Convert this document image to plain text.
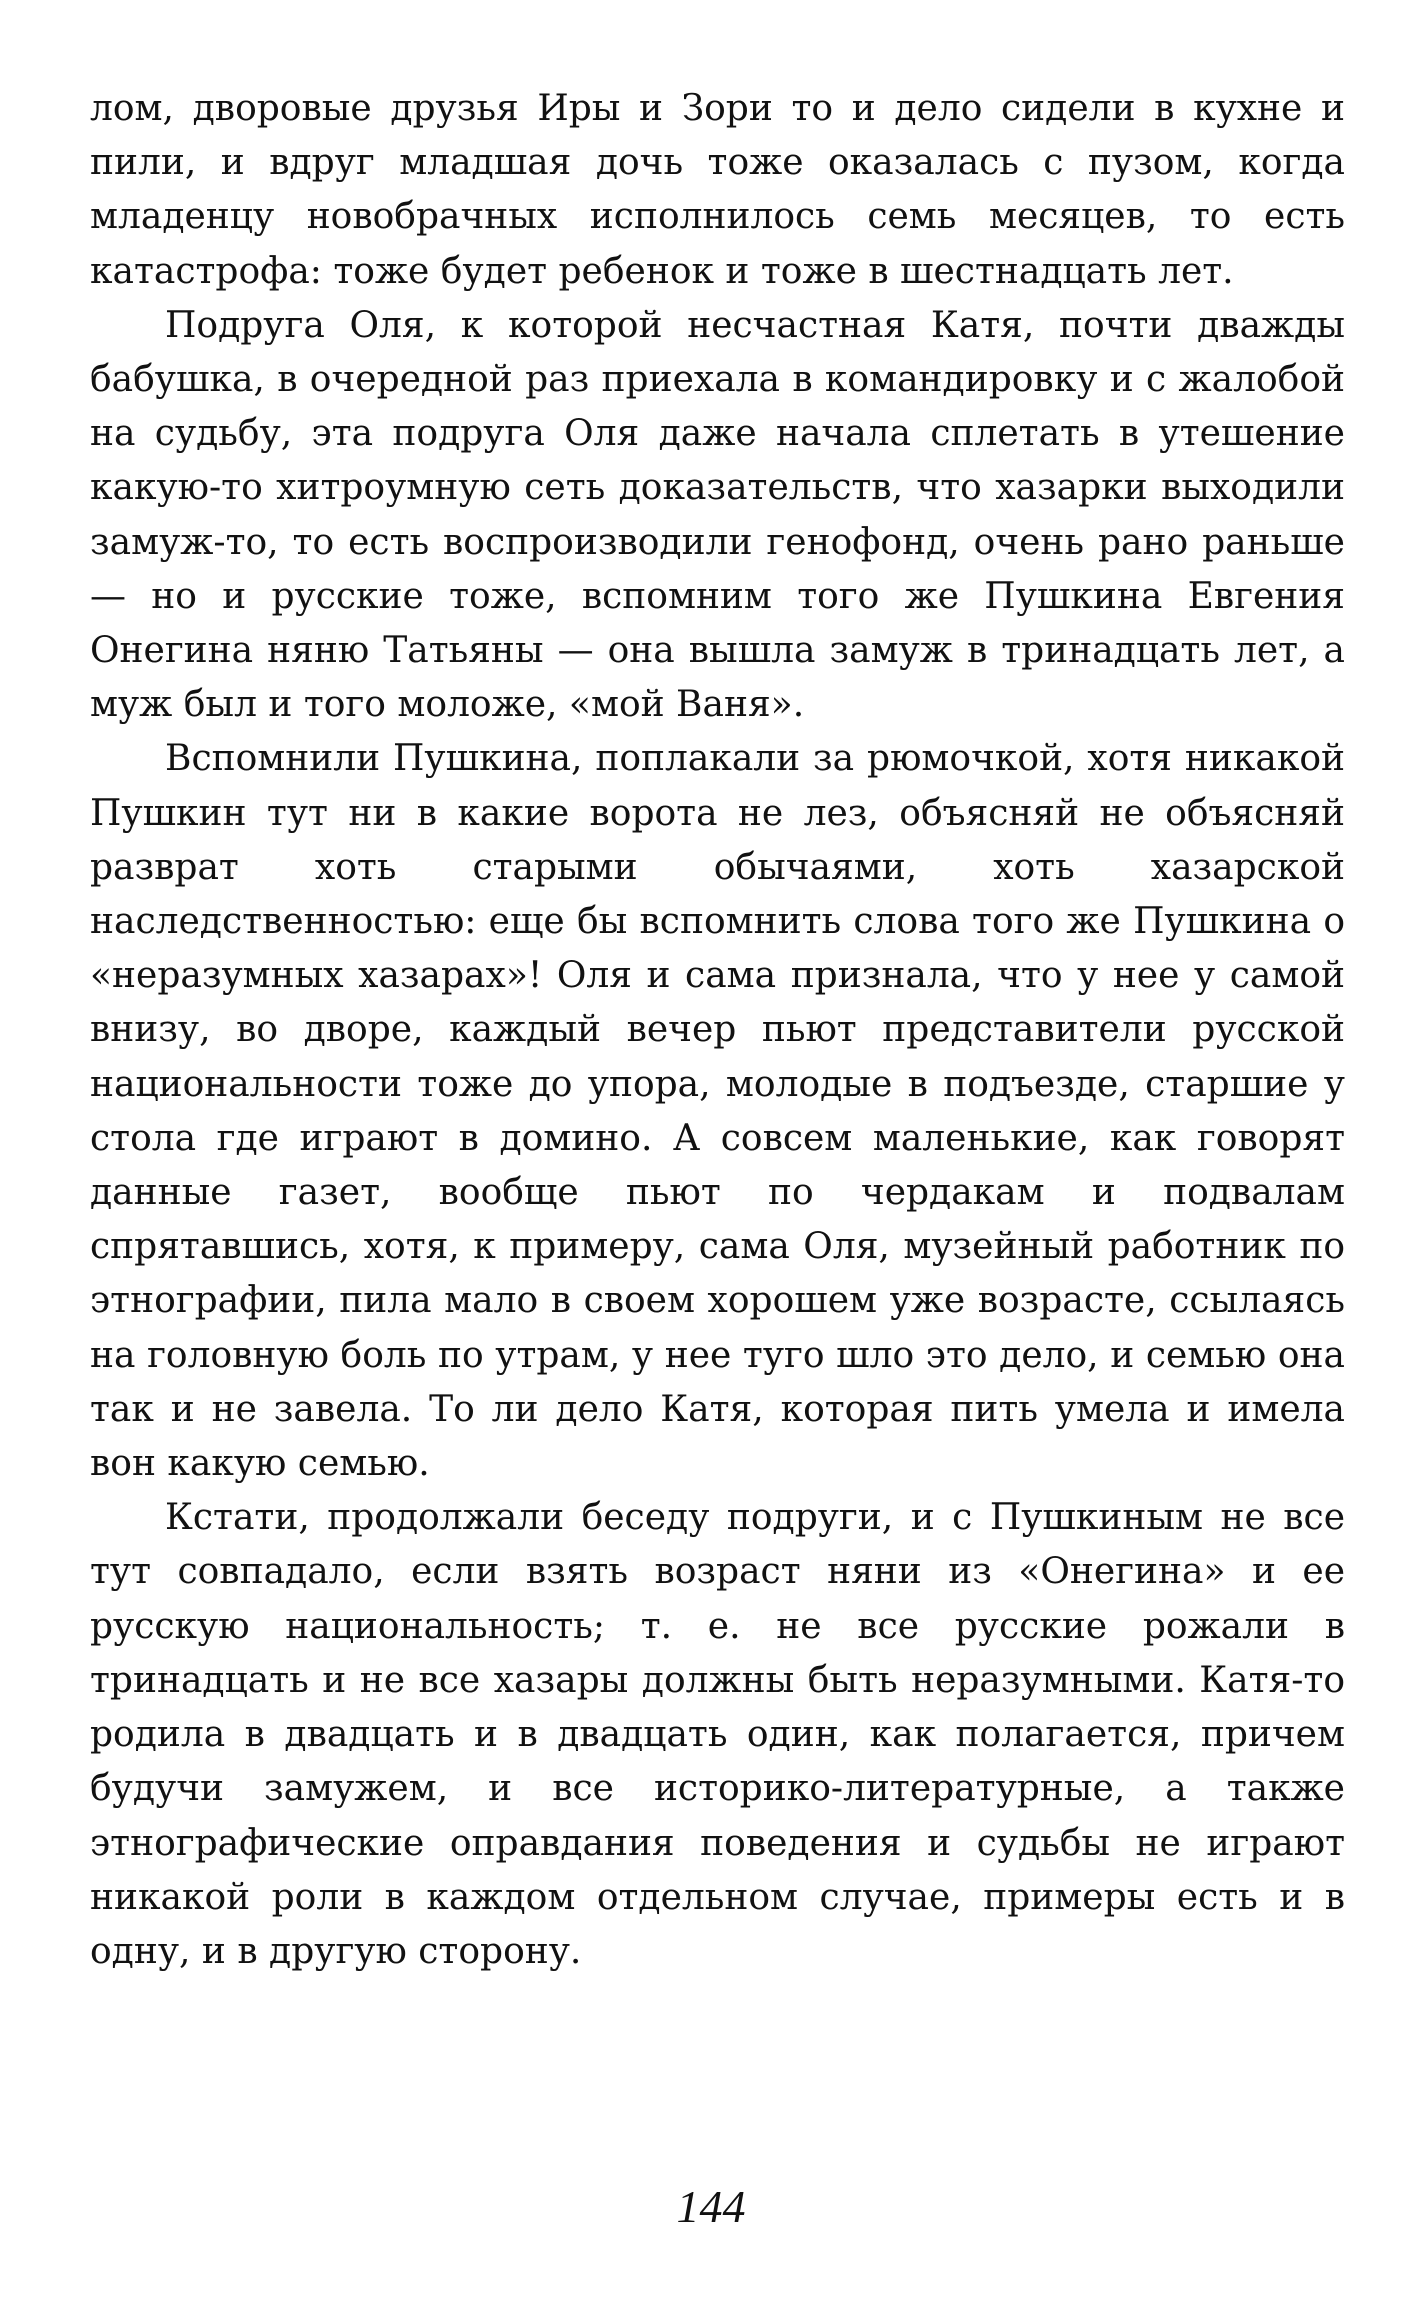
лом, дворовые друзья Иры и Зори то и дело сидели в кухне и пили, и вдруг младшая дочь тоже оказалась с пузом, когда младенцу новобрачных исполнилось семь месяцев, то есть катастрофа: тоже будет ребенок и тоже в шестнадцать лет.

Подруга Оля, к которой несчастная Катя, почти дважды бабушка, в очередной раз приехала в командировку и с жалобой на судьбу, эта подруга Оля даже начала сплетать в утешение какую-то хитроумную сеть доказательств, что хазарки выходили замуж-то, то есть воспроизводили генофонд, очень рано раньше — но и русские тоже, вспомним того же Пушкина Евгения Онегина няню Татьяны — она вышла замуж в тринадцать лет, а муж был и того моложе, «мой Ваня».

Вспомнили Пушкина, поплакали за рюмочкой, хотя никакой Пушкин тут ни в какие ворота не лез, объясняй не объясняй разврат хоть старыми обычаями, хоть хазарской наследственностью: еще бы вспомнить слова того же Пушкина о «неразумных хазарах»! Оля и сама признала, что у нее у самой внизу, во дворе, каждый вечер пьют представители русской национальности тоже до упора, молодые в подъезде, старшие у стола где играют в домино. А совсем маленькие, как говорят данные газет, вообще пьют по чердакам и подвалам спрятавшись, хотя, к примеру, сама Оля, музейный работник по этнографии, пила мало в своем хорошем уже возрасте, ссылаясь на головную боль по утрам, у нее туго шло это дело, и семью она так и не завела. То ли дело Катя, которая пить умела и имела вон какую семью.

Кстати, продолжали беседу подруги, и с Пушкиным не все тут совпадало, если взять возраст няни из «Онегина» и ее русскую национальность; т. е. не все русские рожали в тринадцать и не все хазары должны быть неразумными. Катя-то родила в двадцать и в двадцать один, как полагается, причем будучи замужем, и все историко-литературные, а также этнографические оправдания поведения и судьбы не играют никакой роли в каждом отдельном случае, примеры есть и в одну, и в другую сторону.

144
